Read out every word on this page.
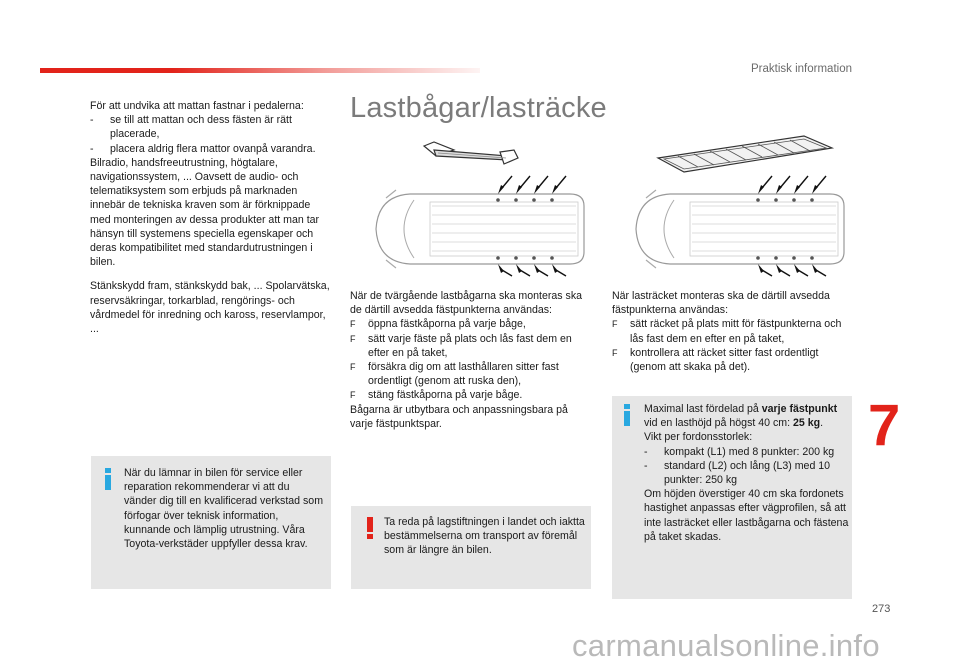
Praktisk information

För att undvika att mattan fastnar i pedalerna:

-	se till att mattan och dess fästen är rätt placerade,
-	placera aldrig flera mattor ovanpå varandra.

Bilradio, handsfreeutrustning, högtalare, navigationssystem, ... Oavsett de audio- och telematiksystem som erbjuds på marknaden innebär de tekniska kraven som är förknippade med monteringen av dessa produkter att man tar hänsyn till systemens speciella egenskaper och deras kompatibilitet med standardutrustningen i bilen.

Stänkskydd fram, stänkskydd bak, ... Spolarvätska, reservsäkringar, torkarblad, rengörings- och vårdmedel för inredning och kaross, reservlampor, ...

När du lämnar in bilen för service eller reparation rekommenderar vi att du vänder dig till en kvalificerad verkstad som förfogar över teknisk information, kunnande och lämplig utrustning. Våra Toyota-verkstäder uppfyller dessa krav.
Lastbågar/lasträcke

När de tvärgående lastbågarna ska monteras ska de därtill avsedda fästpunkterna användas:

F	öppna fästkåporna på varje båge,
F	sätt varje fäste på plats och lås fast dem en efter en på taket,
F	försäkra dig om att lasthållaren sitter fast ordentligt (genom att ruska den),
F	stäng fästkåporna på varje båge.

Bågarna är utbytbara och anpassningsbara på varje fästpunktspar.

Ta reda på lagstiftningen i landet och iaktta bestämmelserna om transport av föremål som är längre än bilen.

När lasträcket monteras ska de därtill avsedda fästpunkterna användas:

F	sätt räcket på plats mitt för fästpunkterna och lås fast dem en efter en på taket,
F	kontrollera att räcket sitter fast ordentligt (genom att skaka på det).

Maximal last fördelad på varje fästpunkt vid en lasthöjd på högst 40 cm: 25 kg.

Vikt per fordonsstorlek:

-	kompakt (L1) med 8 punkter: 200 kg
-	standard (L2) och lång (L3) med 10 punkter: 250 kg

Om höjden överstiger 40 cm ska fordonets hastighet anpassas efter vägprofilen, så att inte lasträcket eller lastbågarna och fästena på taket skadas.

7
273
carmanualsonline.info
